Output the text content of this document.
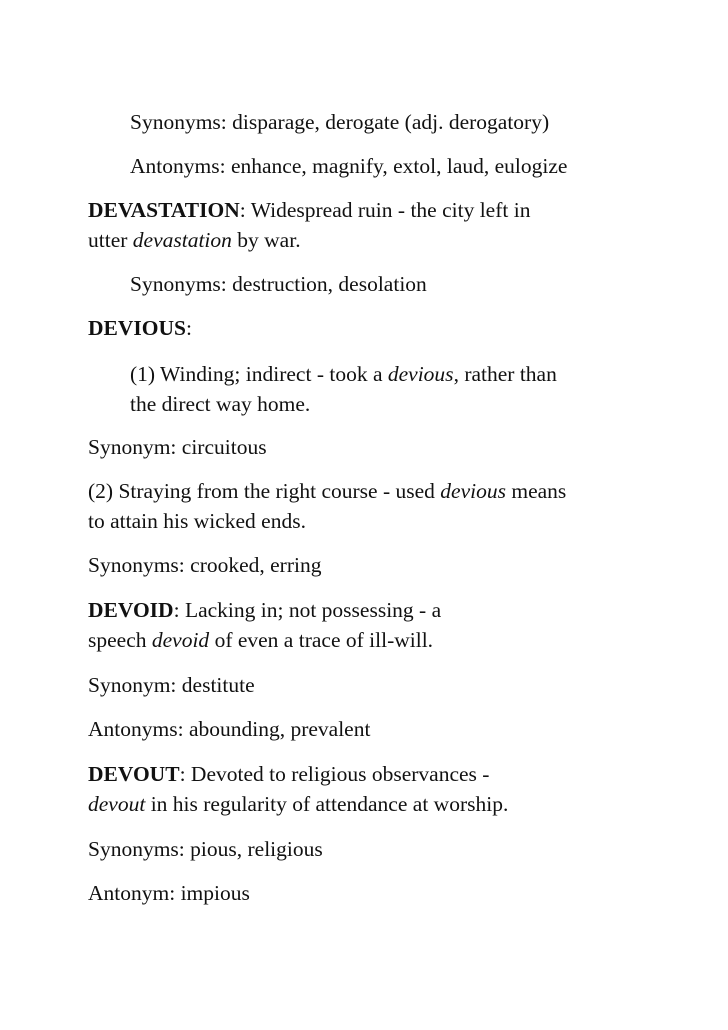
Synonyms: disparage, derogate (adj. derogatory)

Antonyms: enhance, magnify, extol, laud, eulogize

DEVASTATION: Widespread ruin - the city left in

utter devastation by war.

Synonyms: destruction, desolation

DEVIOUS:

(1) Winding; indirect - took a devious, rather than

the direct way home.

Synonym: circuitous

(2) Straying from the right course - used devious means

to attain his wicked ends.

Synonyms: crooked, erring

DEVOID: Lacking in; not possessing - a

speech devoid of even a trace of ill-will.

Synonym: destitute

Antonyms: abounding, prevalent

DEVOUT: Devoted to religious observances -

devout in his regularity of attendance at worship.

Synonyms: pious, religious

Antonym: impious
